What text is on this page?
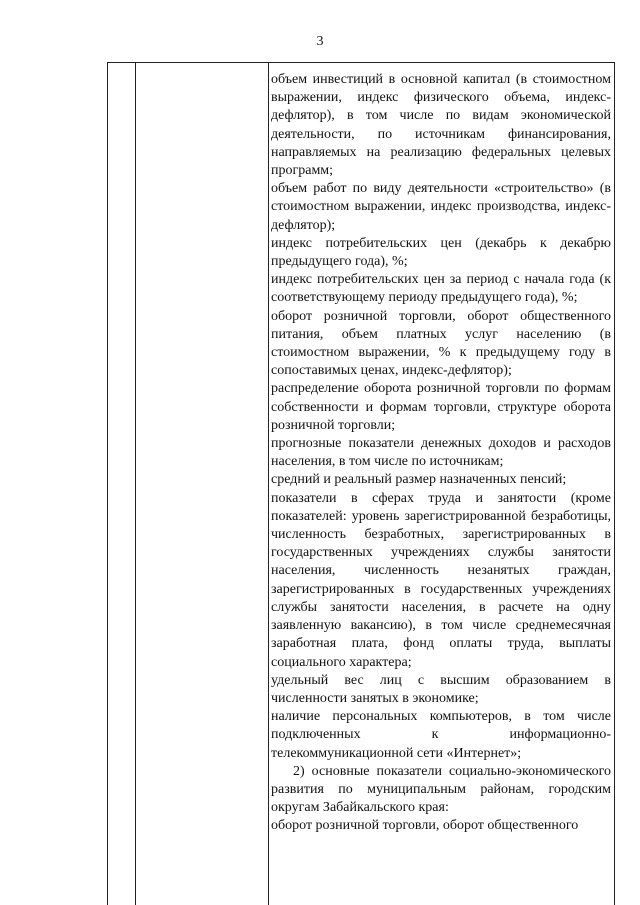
3

объем инвестиций в основной капитал (в стоимостном выражении, индекс физического объема, индекс-дефлятор), в том числе по видам экономической деятельности, по источникам финансирования, направляемых на реализацию федеральных целевых программ;

объем работ по виду деятельности «строительство» (в стоимостном выражении, индекс производства, индекс-дефлятор);

индекс потребительских цен (декабрь к декабрю предыдущего года), %;

индекс потребительских цен за период с начала года (к соответствующему периоду предыдущего года), %;

оборот розничной торговли, оборот общественного питания, объем платных услуг населению (в стоимостном выражении, % к предыдущему году в сопоставимых ценах, индекс-дефлятор);

распределение оборота розничной торговли по формам собственности и формам торговли, структуре оборота розничной торговли;

прогнозные показатели денежных доходов и расходов населения, в том числе по источникам;

средний и реальный размер назначенных пенсий;

показатели в сферах труда и занятости (кроме показателей: уровень зарегистрированной безработицы, численность безработных, зарегистрированных в государственных учреждениях службы занятости населения, численность незанятых граждан, зарегистрированных в государственных учреждениях службы занятости населения, в расчете на одну заявленную вакансию), в том числе среднемесячная заработная плата, фонд оплаты труда, выплаты социального характера;

удельный вес лиц с высшим образованием в численности занятых в экономике;

наличие персональных компьютеров, в том числе подключенных к информационно-телекоммуникационной сети «Интернет»;

2) основные показатели социально-экономического развития по муниципальным районам, городским округам Забайкальского края:

оборот розничной торговли, оборот общественного
